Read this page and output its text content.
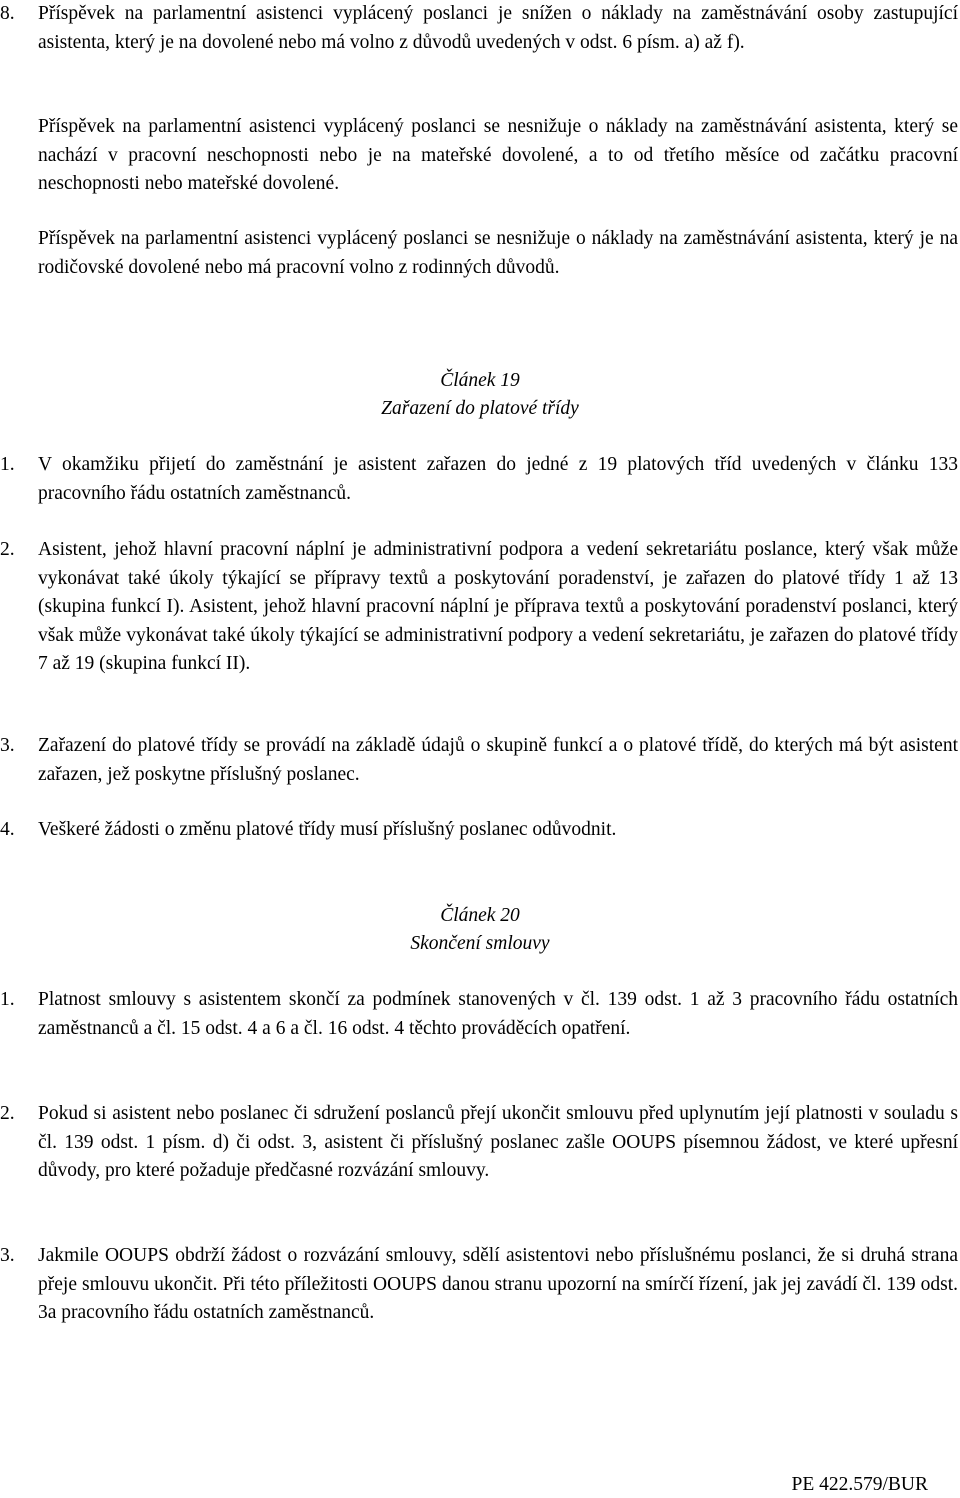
8. Příspěvek na parlamentní asistenci vyplácený poslanci je snížen o náklady na zaměstnávání osoby zastupující asistenta, který je na dovolené nebo má volno z důvodů uvedených v odst. 6 písm. a) až f).
Příspěvek na parlamentní asistenci vyplácený poslanci se nesnižuje o náklady na zaměstnávání asistenta, který se nachází v pracovní neschopnosti nebo je na mateřské dovolené, a to od třetího měsíce od začátku pracovní neschopnosti nebo mateřské dovolené.
Příspěvek na parlamentní asistenci vyplácený poslanci se nesnižuje o náklady na zaměstnávání asistenta, který je na rodičovské dovolené nebo má pracovní volno z rodinných důvodů.
Článek 19
Zařazení do platové třídy
1. V okamžiku přijetí do zaměstnání je asistent zařazen do jedné z 19 platových tříd uvedených v článku 133 pracovního řádu ostatních zaměstnanců.
2. Asistent, jehož hlavní pracovní náplní je administrativní podpora a vedení sekretariátu poslance, který však může vykonávat také úkoly týkající se přípravy textů a poskytování poradenství, je zařazen do platové třídy 1 až 13 (skupina funkcí I). Asistent, jehož hlavní pracovní náplní je příprava textů a poskytování poradenství poslanci, který však může vykonávat také úkoly týkající se administrativní podpory a vedení sekretariátu, je zařazen do platové třídy 7 až 19 (skupina funkcí II).
3. Zařazení do platové třídy se provádí na základě údajů o skupině funkcí a o platové třídě, do kterých má být asistent zařazen, jež poskytne příslušný poslanec.
4. Veškeré žádosti o změnu platové třídy musí příslušný poslanec odůvodnit.
Článek 20
Skončení smlouvy
1. Platnost smlouvy s asistentem skončí za podmínek stanovených v čl. 139 odst. 1 až 3 pracovního řádu ostatních zaměstnanců a čl. 15 odst. 4 a 6 a čl. 16 odst. 4 těchto prováděcích opatření.
2. Pokud si asistent nebo poslanec či sdružení poslanců přejí ukončit smlouvu před uplynutím její platnosti v souladu s čl. 139 odst. 1 písm. d) či odst. 3, asistent či příslušný poslanec zašle OOUPS písemnou žádost, ve které upřesní důvody, pro které požaduje předčasné rozvázání smlouvy.
3. Jakmile OOUPS obdrží žádost o rozvázání smlouvy, sdělí asistentovi nebo příslušnému poslanci, že si druhá strana přeje smlouvu ukončit. Při této příležitosti OOUPS danou stranu upozorní na smírčí řízení, jak jej zavádí čl. 139 odst. 3a pracovního řádu ostatních zaměstnanců.
PE 422.579/BUR
